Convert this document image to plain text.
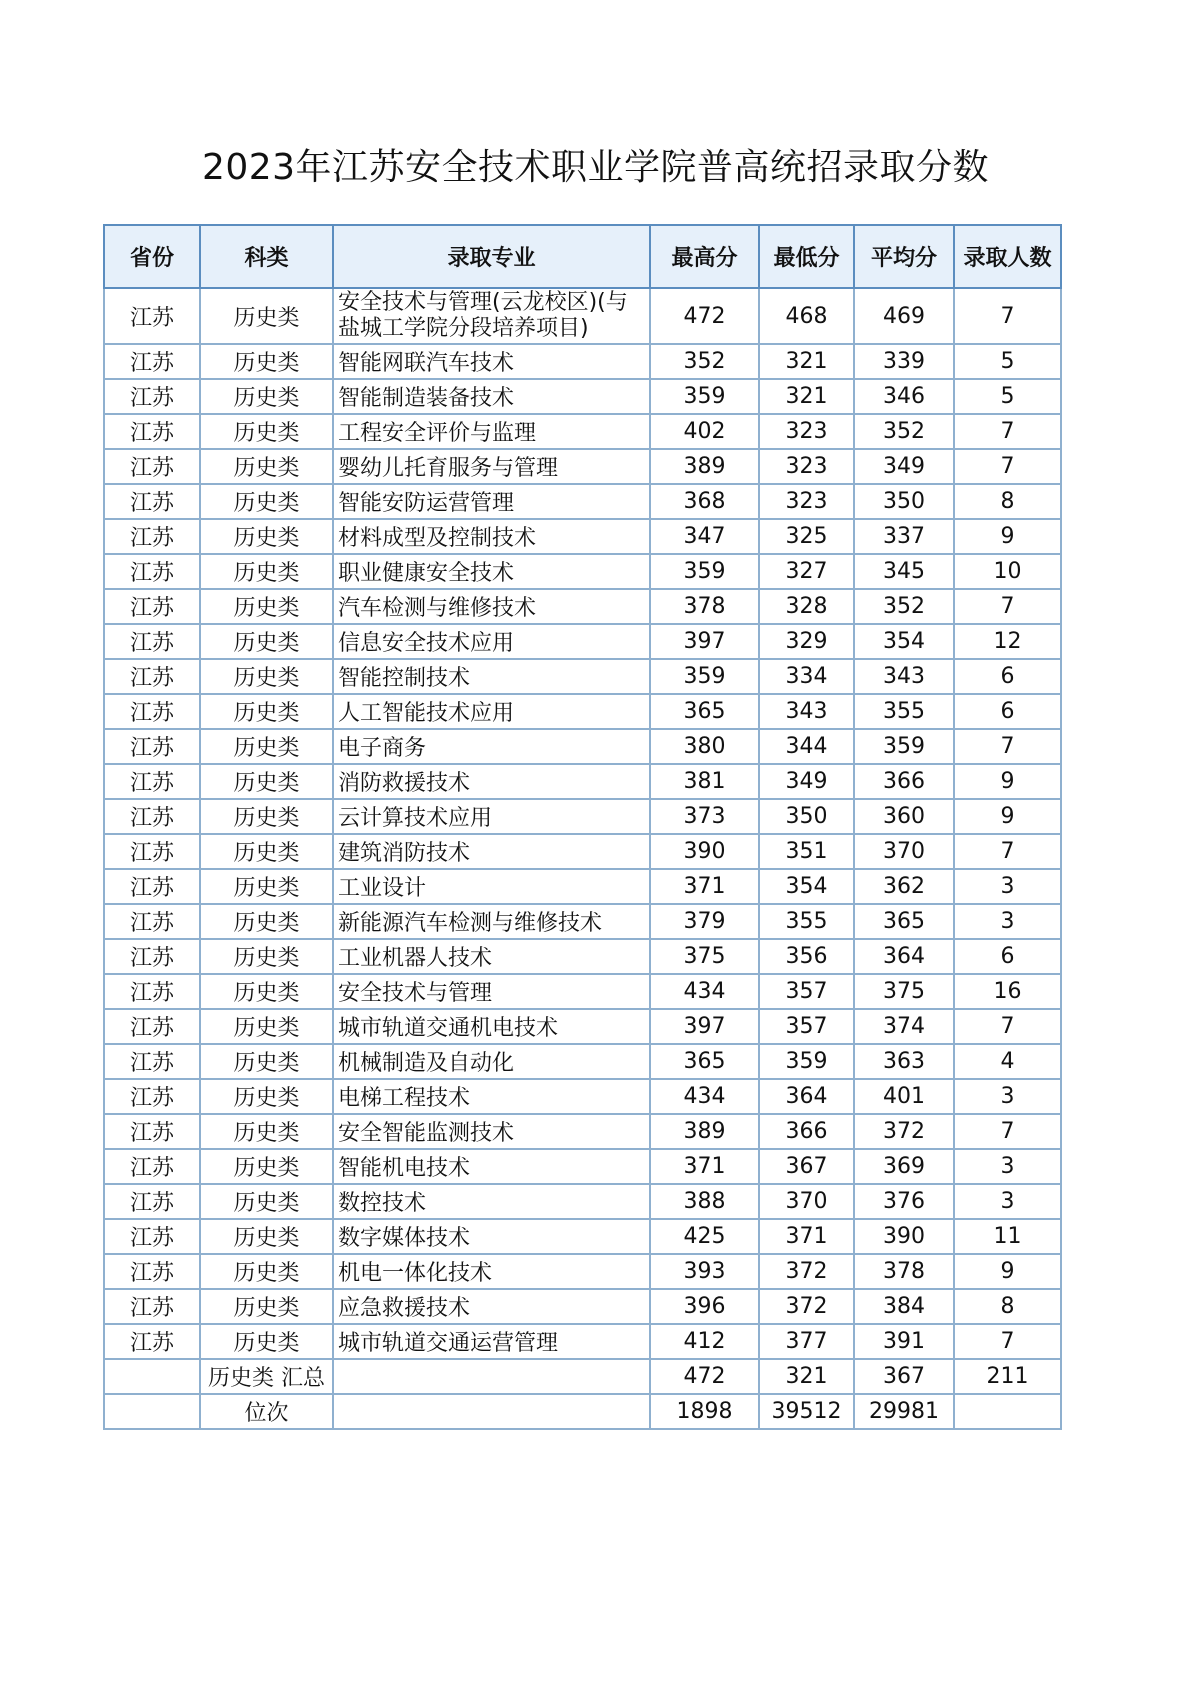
2023年江苏安全技术职业学院普高统招录取分数
省份	科类	录取专业	最高分	最低分	平均分	录取人数
江苏	历史类	安全技术与管理(云龙校区)(与盐城工学院分段培养项目)	472	468	469	7
江苏	历史类	智能网联汽车技术	352	321	339	5
江苏	历史类	智能制造装备技术	359	321	346	5
江苏	历史类	工程安全评价与监理	402	323	352	7
江苏	历史类	婴幼儿托育服务与管理	389	323	349	7
江苏	历史类	智能安防运营管理	368	323	350	8
江苏	历史类	材料成型及控制技术	347	325	337	9
江苏	历史类	职业健康安全技术	359	327	345	10
江苏	历史类	汽车检测与维修技术	378	328	352	7
江苏	历史类	信息安全技术应用	397	329	354	12
江苏	历史类	智能控制技术	359	334	343	6
江苏	历史类	人工智能技术应用	365	343	355	6
江苏	历史类	电子商务	380	344	359	7
江苏	历史类	消防救援技术	381	349	366	9
江苏	历史类	云计算技术应用	373	350	360	9
江苏	历史类	建筑消防技术	390	351	370	7
江苏	历史类	工业设计	371	354	362	3
江苏	历史类	新能源汽车检测与维修技术	379	355	365	3
江苏	历史类	工业机器人技术	375	356	364	6
江苏	历史类	安全技术与管理	434	357	375	16
江苏	历史类	城市轨道交通机电技术	397	357	374	7
江苏	历史类	机械制造及自动化	365	359	363	4
江苏	历史类	电梯工程技术	434	364	401	3
江苏	历史类	安全智能监测技术	389	366	372	7
江苏	历史类	智能机电技术	371	367	369	3
江苏	历史类	数控技术	388	370	376	3
江苏	历史类	数字媒体技术	425	371	390	11
江苏	历史类	机电一体化技术	393	372	378	9
江苏	历史类	应急救援技术	396	372	384	8
江苏	历史类	城市轨道交通运营管理	412	377	391	7
	历史类 汇总		472	321	367	211
	位次		1898	39512	29981	
